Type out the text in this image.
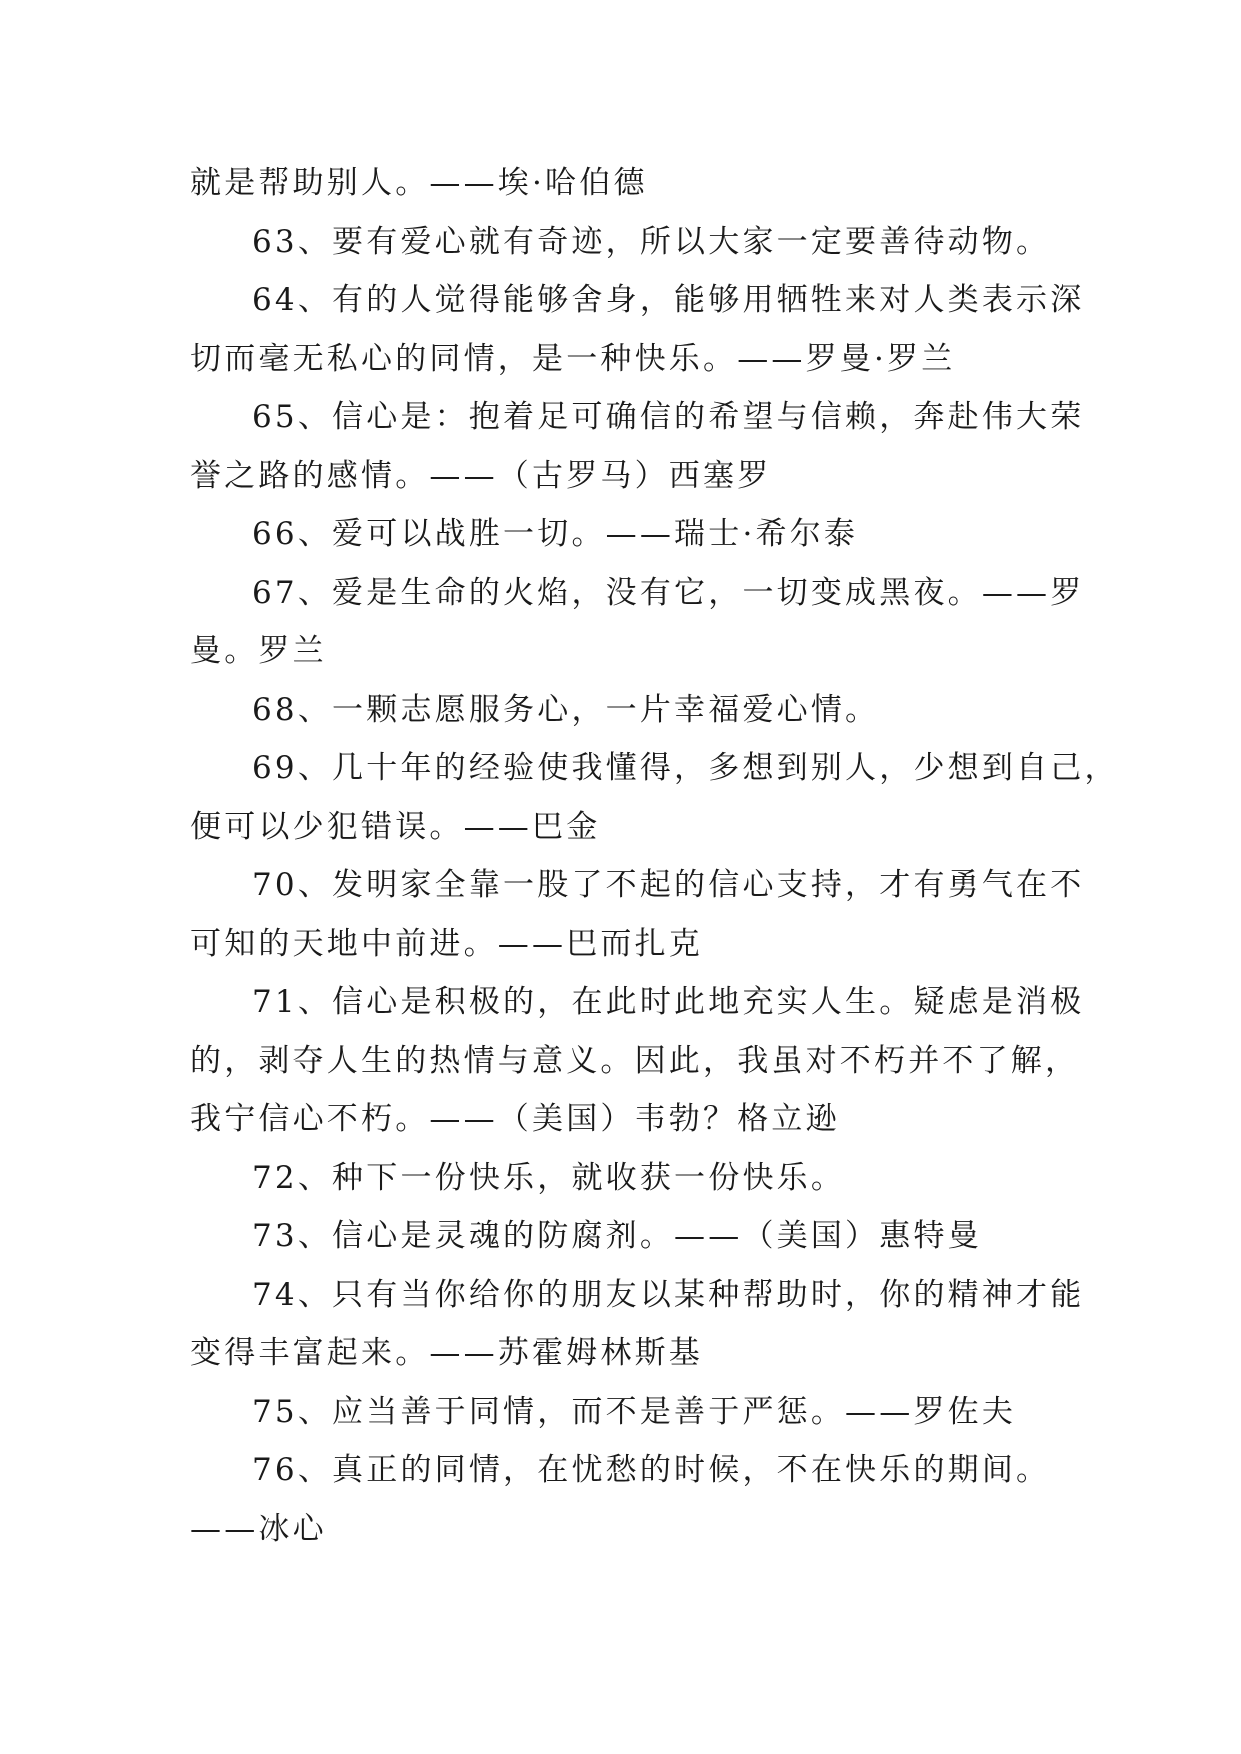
就是帮助别人。——埃·哈伯德
63、要有爱心就有奇迹，所以大家一定要善待动物。
64、有的人觉得能够舍身，能够用牺牲来对人类表示深
切而毫无私心的同情，是一种快乐。——罗曼·罗兰
65、信心是：抱着足可确信的希望与信赖，奔赴伟大荣
誉之路的感情。——（古罗马）西塞罗
66、爱可以战胜一切。——瑞士·希尔泰
67、爱是生命的火焰，没有它，一切变成黑夜。——罗
曼。罗兰
68、一颗志愿服务心，一片幸福爱心情。
69、几十年的经验使我懂得，多想到别人，少想到自己，
便可以少犯错误。——巴金
70、发明家全靠一股了不起的信心支持，才有勇气在不
可知的天地中前进。——巴而扎克
71、信心是积极的，在此时此地充实人生。疑虑是消极
的，剥夺人生的热情与意义。因此，我虽对不朽并不了解，
我宁信心不朽。——（美国）韦勃？格立逊
72、种下一份快乐，就收获一份快乐。
73、信心是灵魂的防腐剂。——（美国）惠特曼
74、只有当你给你的朋友以某种帮助时，你的精神才能
变得丰富起来。——苏霍姆林斯基
75、应当善于同情，而不是善于严惩。——罗佐夫
76、真正的同情，在忧愁的时候，不在快乐的期间。
——冰心
